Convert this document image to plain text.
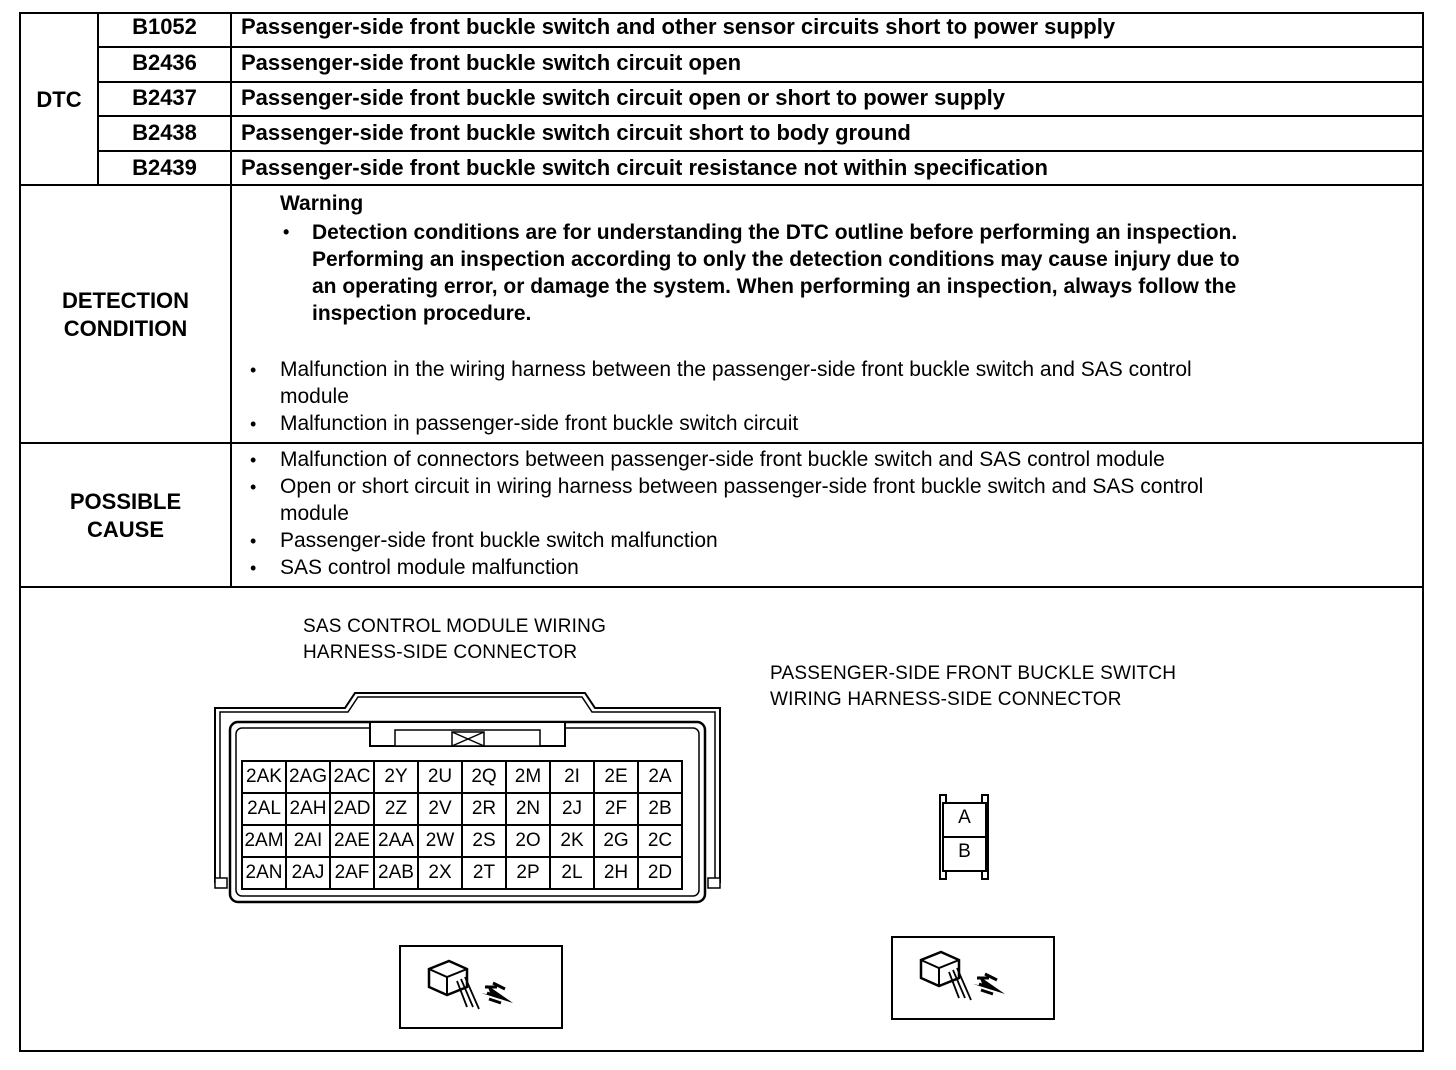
DTC
B1052	Passenger-side front buckle switch and other sensor circuits short to power supply
B2436	Passenger-side front buckle switch circuit open
B2437	Passenger-side front buckle switch circuit open or short to power supply
B2438	Passenger-side front buckle switch circuit short to body ground
B2439	Passenger-side front buckle switch circuit resistance not within specification
DETECTION
CONDITION
Warning
• Detection conditions are for understanding the DTC outline before performing an inspection.
Performing an inspection according to only the detection conditions may cause injury due to
an operating error, or damage the system. When performing an inspection, always follow the
inspection procedure.
• Malfunction in the wiring harness between the passenger-side front buckle switch and SAS control
module
• Malfunction in passenger-side front buckle switch circuit
POSSIBLE
CAUSE
• Malfunction of connectors between passenger-side front buckle switch and SAS control module
• Open or short circuit in wiring harness between passenger-side front buckle switch and SAS control
module
• Passenger-side front buckle switch malfunction
• SAS control module malfunction
SAS CONTROL MODULE WIRING
HARNESS-SIDE CONNECTOR
2AK	2AG	2AC	2Y	2U	2Q	2M	2I	2E	2A
2AL	2AH	2AD	2Z	2V	2R	2N	2J	2F	2B
2AM	2AI	2AE	2AA	2W	2S	2O	2K	2G	2C
2AN	2AJ	2AF	2AB	2X	2T	2P	2L	2H	2D
PASSENGER-SIDE FRONT BUCKLE SWITCH
WIRING HARNESS-SIDE CONNECTOR
A
B
